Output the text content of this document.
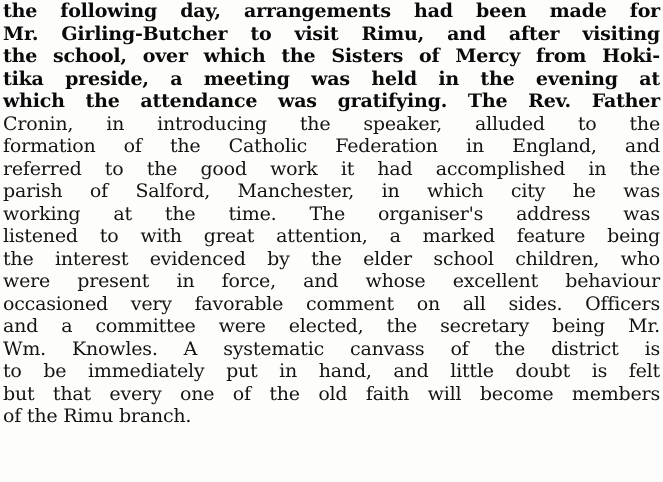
the following day, arrangements had been made for
Mr. Girling-Butcher to visit Rimu, and after visiting
the school, over which the Sisters of Mercy from Hoki-
tika preside, a meeting was held in the evening at
which the attendance was gratifying. The Rev. Father
Cronin, in introducing the speaker, alluded to the
formation of the Catholic Federation in England, and
referred to the good work it had accomplished in the
parish of Salford, Manchester, in which city he was
working at the time. The organiser's address was
listened to with great attention, a marked feature being
the interest evidenced by the elder school children, who
were present in force, and whose excellent behaviour
occasioned very favorable comment on all sides. Officers
and a committee were elected, the secretary being Mr.
Wm. Knowles. A systematic canvass of the district is
to be immediately put in hand, and little doubt is felt
but that every one of the old faith will become members
of the Rimu branch.
